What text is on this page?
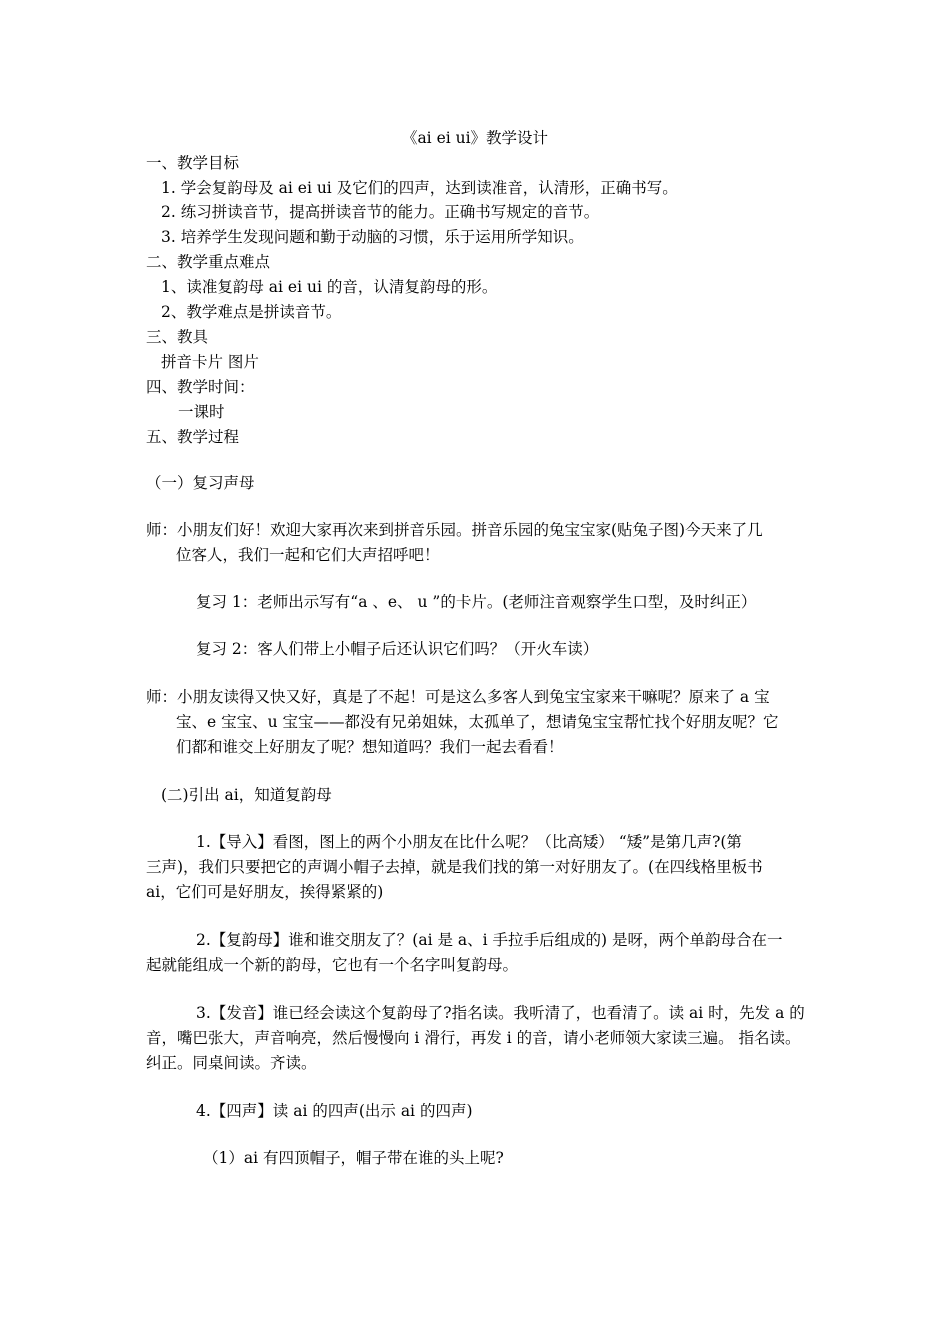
《ai ei ui》教学设计
一、教学目标
1. 学会复韵母及 ai ei ui 及它们的四声，达到读准音，认清形，正确书写。
2. 练习拼读音节，提高拼读音节的能力。正确书写规定的音节。
3. 培养学生发现问题和勤于动脑的习惯，乐于运用所学知识。
二、教学重点难点
1、读准复韵母 ai ei ui 的音，认清复韵母的形。
2、教学难点是拼读音节。
三、教具
拼音卡片 图片
四、教学时间：
一课时
五、教学过程
（一）复习声母
师：小朋友们好！欢迎大家再次来到拼音乐园。拼音乐园的兔宝宝家(贴兔子图)今天来了几
位客人，我们一起和它们大声招呼吧！
复习 1：老师出示写有“a 、e、 u ”的卡片。(老师注音观察学生口型，及时纠正）
复习 2：客人们带上小帽子后还认识它们吗？（开火车读）
师：小朋友读得又快又好，真是了不起！可是这么多客人到兔宝宝家来干嘛呢？原来了 a 宝
宝、e 宝宝、u 宝宝——都没有兄弟姐妹，太孤单了，想请兔宝宝帮忙找个好朋友呢？它
们都和谁交上好朋友了呢？想知道吗？我们一起去看看！
(二)引出 ai，知道复韵母
1.【导入】看图，图上的两个小朋友在比什么呢？（比高矮） “矮”是第几声?(第
三声)，我们只要把它的声调小帽子去掉，就是我们找的第一对好朋友了。(在四线格里板书
ai，它们可是好朋友，挨得紧紧的)
2.【复韵母】谁和谁交朋友了？(ai 是 a、i 手拉手后组成的) 是呀，两个单韵母合在一
起就能组成一个新的韵母，它也有一个名字叫复韵母。
3.【发音】谁已经会读这个复韵母了?指名读。我听清了，也看清了。读 ai 时，先发 a 的
音，嘴巴张大，声音响亮，然后慢慢向 i 滑行，再发 i 的音，请小老师领大家读三遍。 指名读。
纠正。同桌间读。齐读。
4.【四声】读 ai 的四声(出示 ai 的四声)
（1）ai 有四顶帽子，帽子带在谁的头上呢?
